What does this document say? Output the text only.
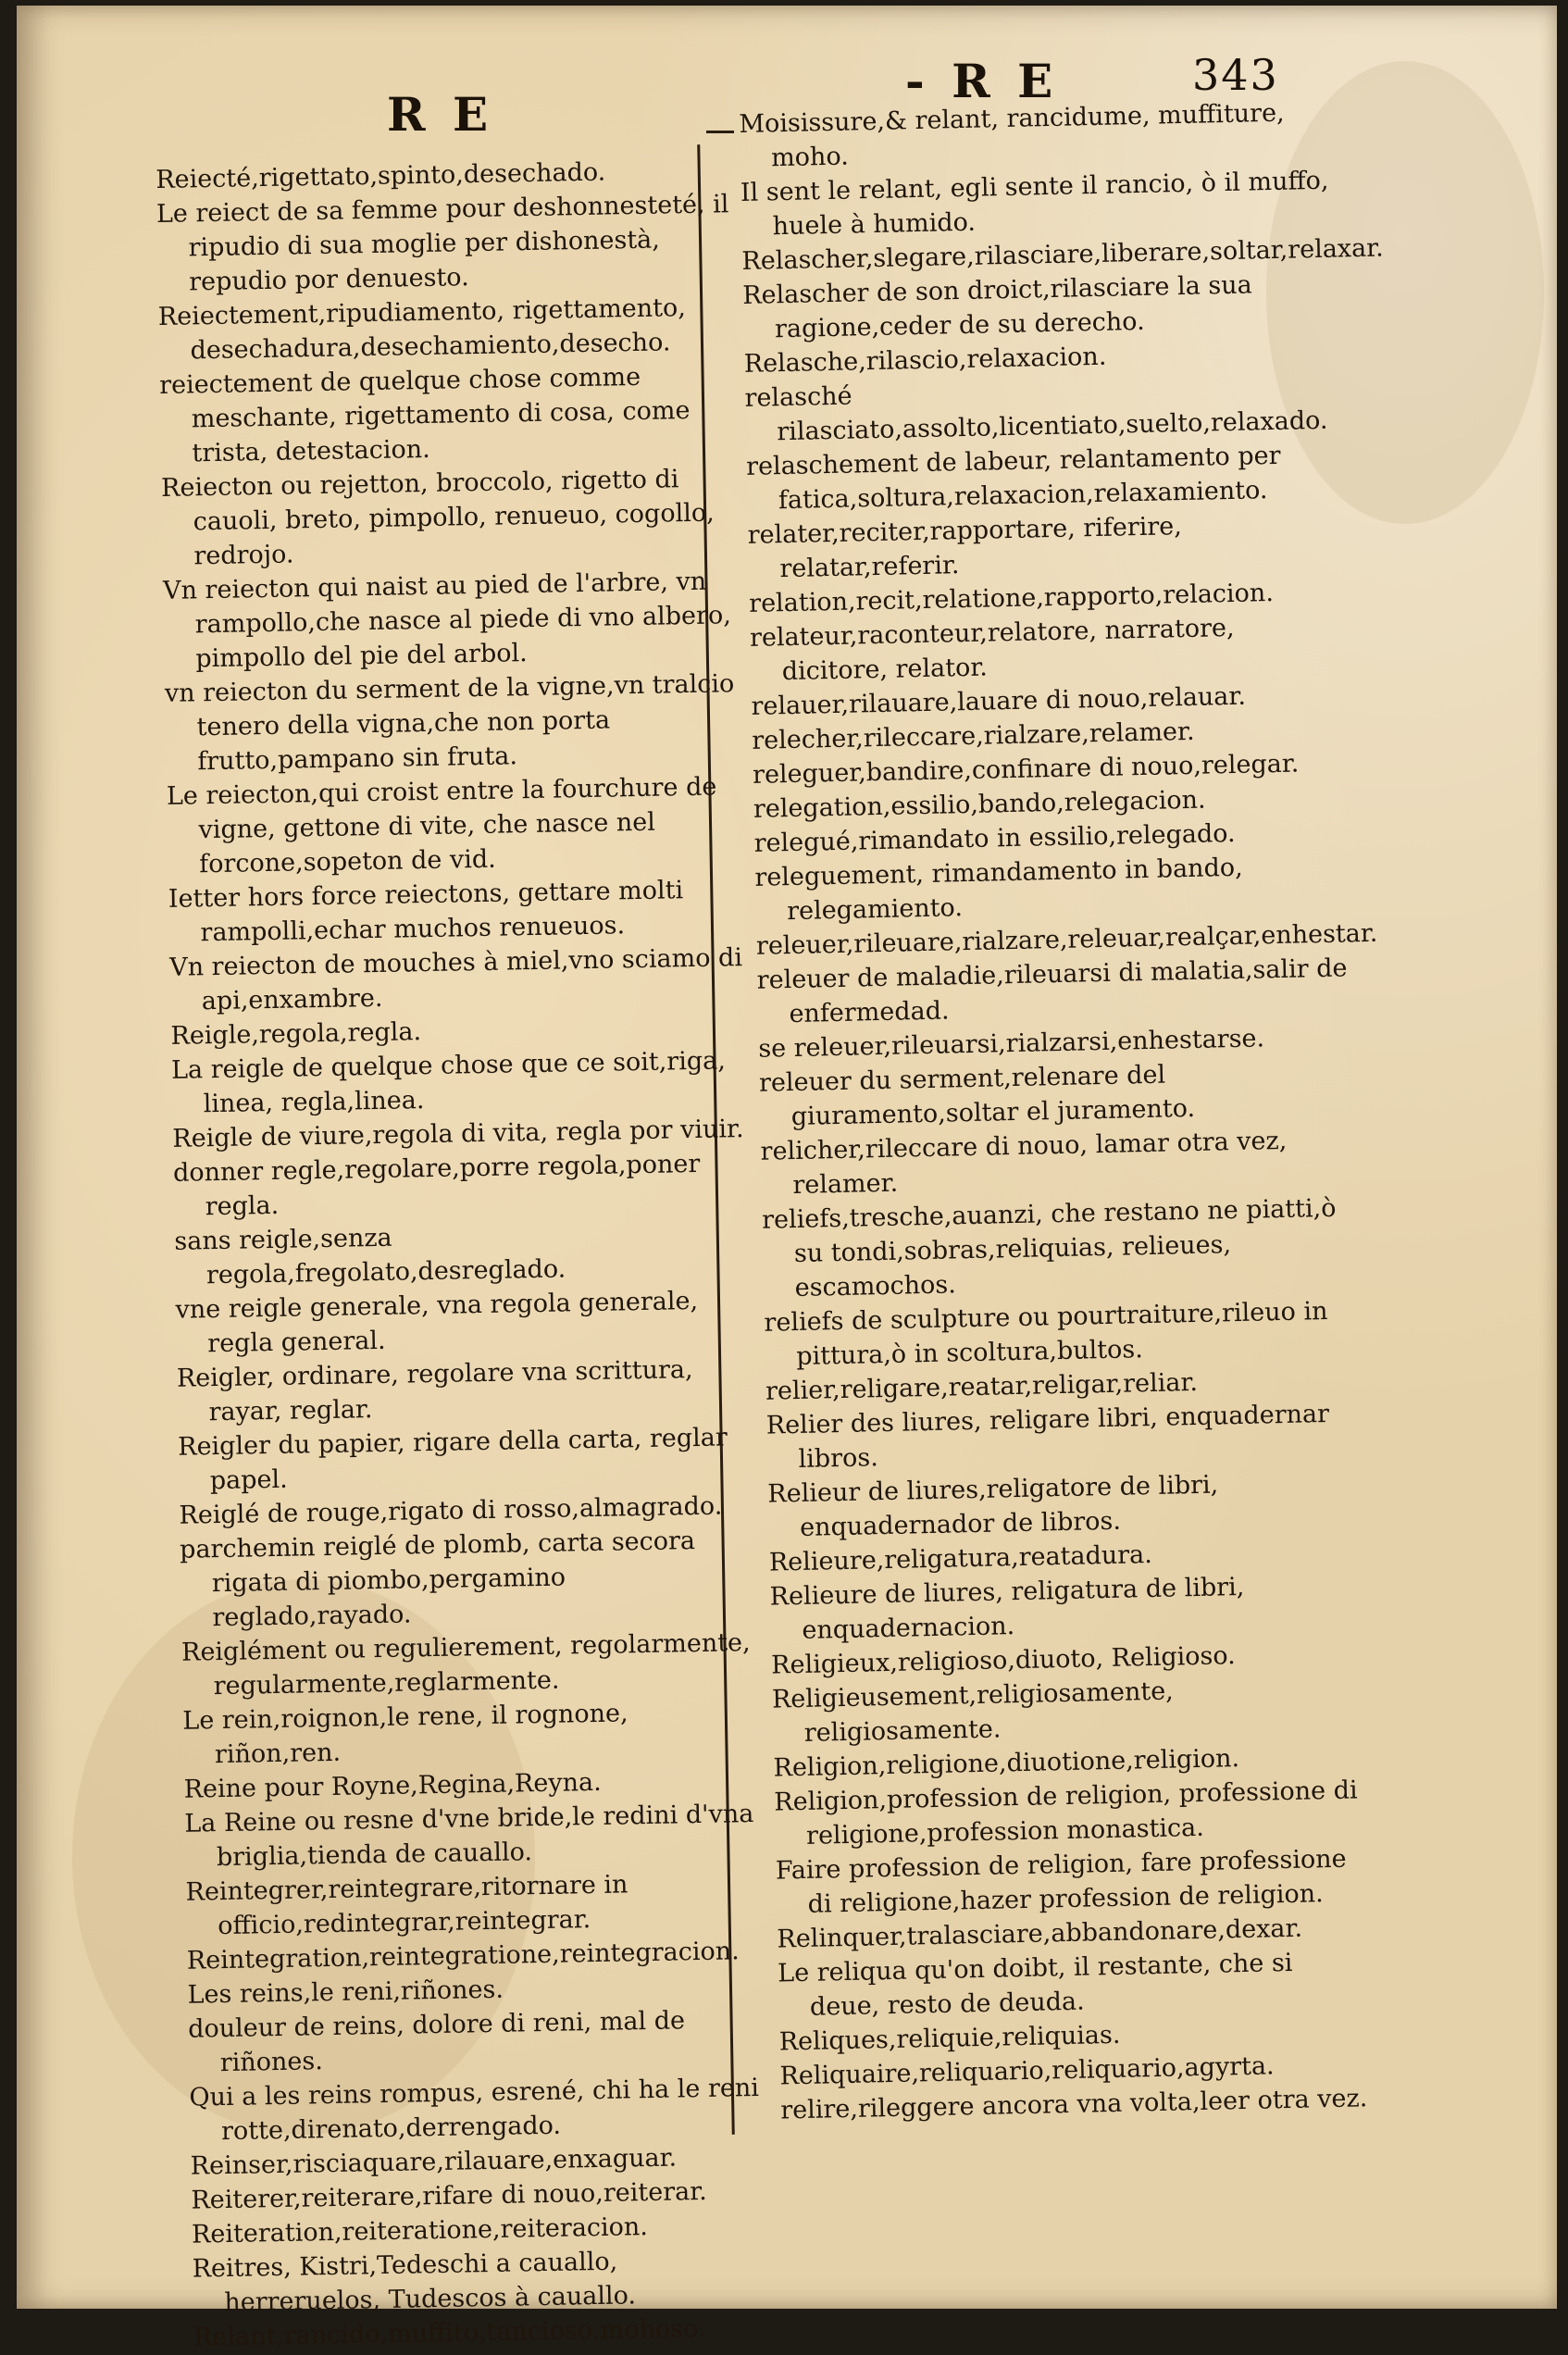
R E
- R E	343

Reiecté,rigettato,spinto,desechado.

Le reiect de sa femme pour deshonnesteté, il ripudio di sua moglie per dishonestà, repudio por denuesto.

Reiectement,ripudiamento, rigettamento, desechadura,desechamiento,desecho.

reiectement de quelque chose comme meschante, rigettamento di cosa, come trista, detestacion.

Reiecton ou rejetton, broccolo, rigetto di cauoli, breto, pimpollo, renueuo, cogollo, redrojo.

Vn reiecton qui naist au pied de l'arbre, vn rampollo,che nasce al piede di vno albero, pimpollo del pie del arbol.

vn reiecton du serment de la vigne,vn tralcio tenero della vigna,che non porta frutto,pampano sin fruta.

Le reiecton,qui croist entre la fourchure de vigne, gettone di vite, che nasce nel forcone,sopeton de vid.

Ietter hors force reiectons, gettare molti rampolli,echar muchos renueuos.

Vn reiecton de mouches à miel,vno sciamo di api,enxambre.

Reigle,regola,regla.

La reigle de quelque chose que ce soit,riga, linea, regla,linea.

Reigle de viure,regola di vita, regla por viuir.

donner regle,regolare,porre regola,poner regla.

sans reigle,senza regola,fregolato,desreglado.

vne reigle generale, vna regola generale, regla general.

Reigler, ordinare, regolare vna scrittura, rayar, reglar.

Reigler du papier, rigare della carta, reglar papel.

Reiglé de rouge,rigato di rosso,almagrado.

parchemin reiglé de plomb, carta secora rigata di piombo,pergamino reglado,rayado.

Reiglément ou regulierement, regolarmente, regularmente,reglarmente.

Le rein,roignon,le rene, il rognone, riñon,ren.

Reine pour Royne,Regina,Reyna.

La Reine ou resne d'vne bride,le redini d'vna briglia,tienda de cauallo.

Reintegrer,reintegrare,ritornare in officio,redintegrar,reintegrar.

Reintegration,reintegratione,reintegracion.

Les reins,le reni,riñones.

douleur de reins, dolore di reni, mal de riñones.

Qui a les reins rompus, esrené, chi ha le reni rotte,direnato,derrengado.

Reinser,risciaquare,rilauare,enxaguar.

Reiterer,reiterare,rifare di nouo,reiterar.

Reiteration,reiteratione,reiteracion.

Reitres, Kistri,Tedeschi a cauallo, herreruelos, Tudescos à cauallo.

Relant,rancido,muffito,tancioso,mohoso.

Moisissure,& relant, rancidume, muffiture, moho.

Il sent le relant, egli sente il rancio, ò il muffo, huele à humido.

Relascher,slegare,rilasciare,liberare,soltar,relaxar.

Relascher de son droict,rilasciare la sua ragione,ceder de su derecho.

Relasche,rilascio,relaxacion.

relasché rilasciato,assolto,licentiato,suelto,relaxado.

relaschement de labeur, relantamento per fatica,soltura,relaxacion,relaxamiento.

relater,reciter,rapportare, riferire, relatar,referir.

relation,recit,relatione,rapporto,relacion.

relateur,raconteur,relatore, narratore, dicitore, relator.

relauer,rilauare,lauare di nouo,relauar.

relecher,rileccare,rialzare,relamer.

releguer,bandire,confinare di nouo,relegar.

relegation,essilio,bando,relegacion.

relegué,rimandato in essilio,relegado.

releguement, rimandamento in bando, relegamiento.

releuer,rileuare,rialzare,releuar,realçar,enhestar.

releuer de maladie,rileuarsi di malatia,salir de enfermedad.

se releuer,rileuarsi,rialzarsi,enhestarse.

releuer du serment,relenare del giuramento,soltar el juramento.

relicher,rileccare di nouo, lamar otra vez, relamer.

reliefs,tresche,auanzi, che restano ne piatti,ò su tondi,sobras,reliquias, relieues, escamochos.

reliefs de sculpture ou pourtraiture,rileuo in pittura,ò in scoltura,bultos.

relier,religare,reatar,religar,reliar.

Relier des liures, religare libri, enquadernar libros.

Relieur de liures,religatore de libri, enquadernador de libros.

Relieure,religatura,reatadura.

Relieure de liures, religatura de libri, enquadernacion.

Religieux,religioso,diuoto, Religioso.

Religieusement,religiosamente, religiosamente.

Religion,religione,diuotione,religion.

Religion,profession de religion, professione di religione,profession monastica.

Faire profession de religion, fare professione di religione,hazer profession de religion.

Relinquer,tralasciare,abbandonare,dexar.

Le reliqua qu'on doibt, il restante, che si deue, resto de deuda.

Reliques,reliquie,reliquias.

Reliquaire,reliquario,reliquario,agyrta.

relire,rileggere ancora vna volta,leer otra vez.
